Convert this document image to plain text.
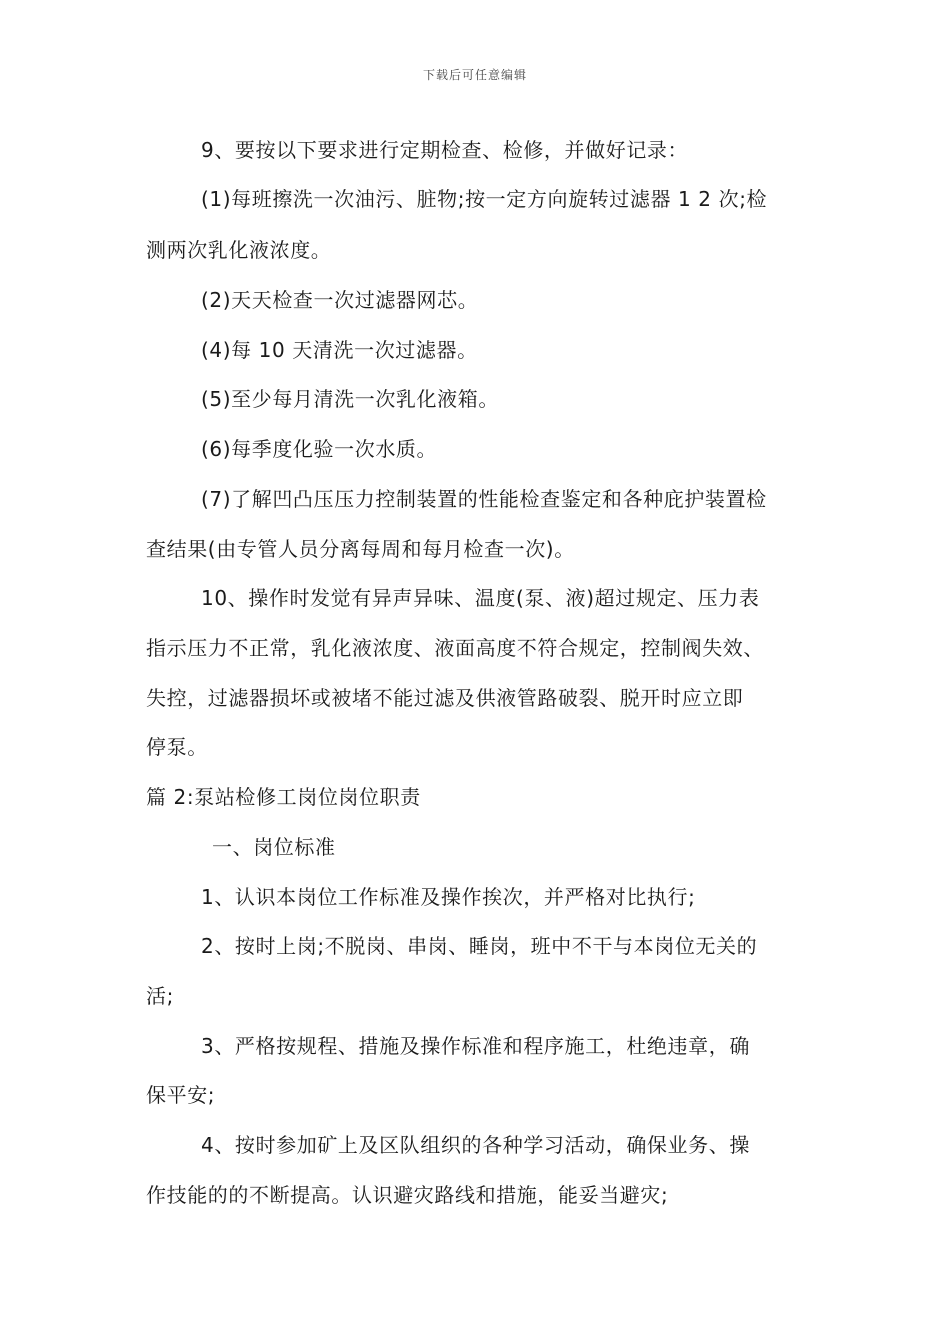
下载后可任意编辑
9、要按以下要求进行定期检查、检修，并做好记录：
(1)每班擦洗一次油污、脏物;按一定方向旋转过滤器 1 2 次;检
测两次乳化液浓度。
(2)天天检查一次过滤器网芯。
(4)每 10 天清洗一次过滤器。
(5)至少每月清洗一次乳化液箱。
(6)每季度化验一次水质。
(7)了解凹凸压压力控制装置的性能检查鉴定和各种庇护装置检
查结果(由专管人员分离每周和每月检查一次)。
10、操作时发觉有异声异味、温度(泵、液)超过规定、压力表
指示压力不正常，乳化液浓度、液面高度不符合规定，控制阀失效、
失控，过滤器损坏或被堵不能过滤及供液管路破裂、脱开时应立即
停泵。
篇 2:泵站检修工岗位岗位职责
一、岗位标准
1、认识本岗位工作标准及操作挨次，并严格对比执行;
2、按时上岗;不脱岗、串岗、睡岗，班中不干与本岗位无关的
活;
3、严格按规程、措施及操作标准和程序施工，杜绝违章，确
保平安;
4、按时参加矿上及区队组织的各种学习活动，确保业务、操
作技能的的不断提高。认识避灾路线和措施，能妥当避灾;
